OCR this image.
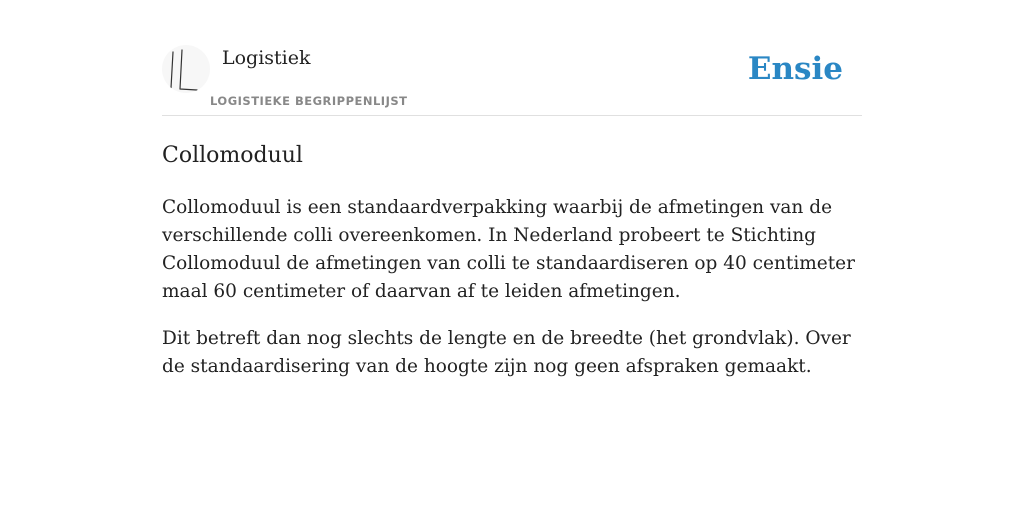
Logistiek
LOGISTIEKE BEGRIPPENLIJST
Ensie
Collomoduul

Collomoduul is een standaardverpakking waarbij de afmetingen van de verschillende colli overeenkomen. In Nederland probeert te Stichting Collomoduul de afmetingen van colli te standaardiseren op 40 centimeter maal 60 centimeter of daarvan af te leiden afmetingen.

Dit betreft dan nog slechts de lengte en de breedte (het grondvlak). Over de standaardisering van de hoogte zijn nog geen afspraken gemaakt.
